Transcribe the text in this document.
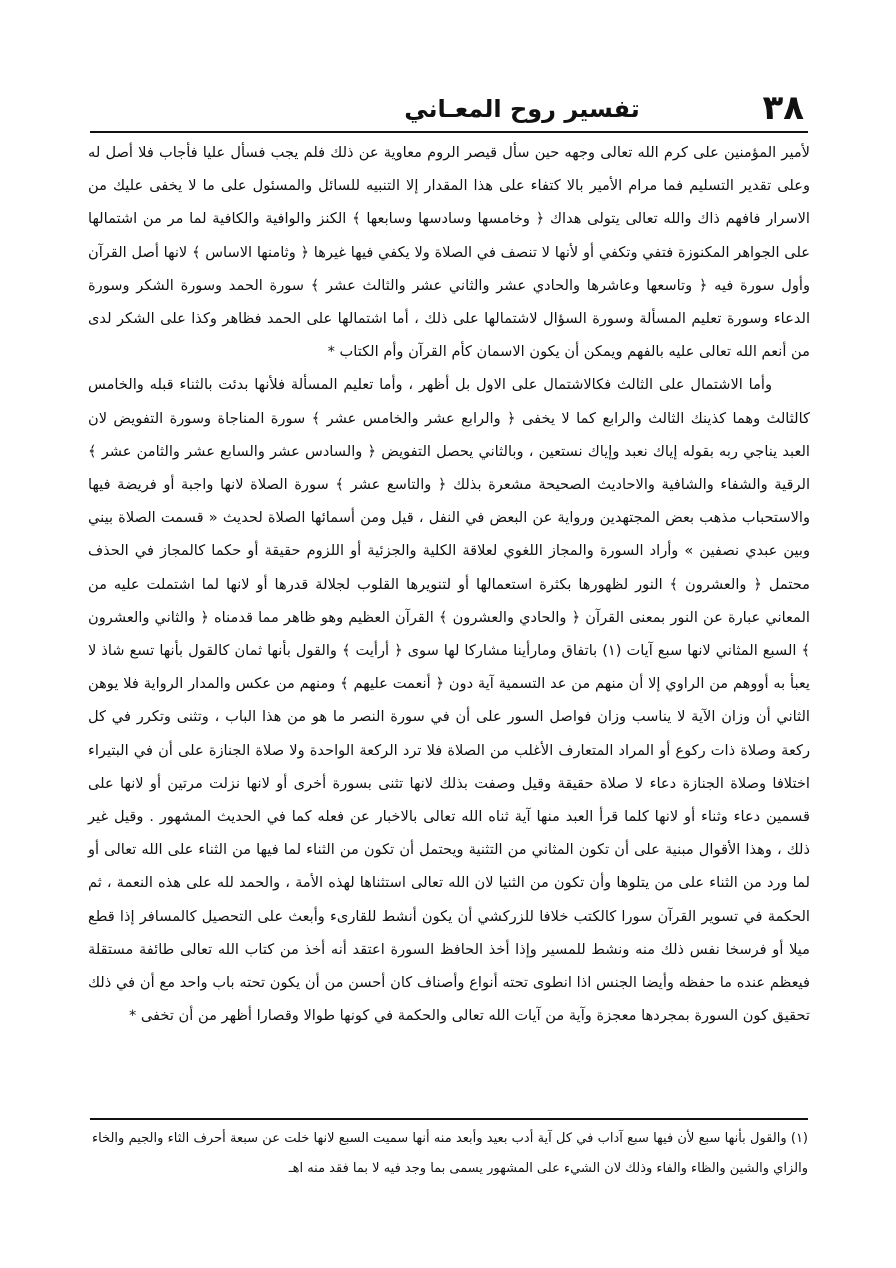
٣٨
تفسير روح المعـاني

لأمير المؤمنين على كرم الله تعالى وجهه حين سأل قيصر الروم معاوية عن ذلك فلم يجب فسأل عليا فأجاب فلا أصل له وعلى تقدير التسليم فما مرام الأمير بالا كتفاء على هذا المقدار إلا التنبيه للسائل والمسئول على ما لا يخفى عليك من الاسرار فافهم ذاك والله تعالى يتولى هداك ﴿ وخامسها وسادسها وسابعها ﴾ الكنز والوافية والكافية لما مر من اشتمالها على الجواهر المكنوزة فتفي وتكفي أو لأنها لا تنصف في الصلاة ولا يكفي فيها غيرها ﴿ وثامنها الاساس ﴾ لانها أصل القرآن وأول سورة فيه ﴿ وتاسعها وعاشرها والحادي عشر والثاني عشر والثالث عشر ﴾ سورة الحمد وسورة الشكر وسورة الدعاء وسورة تعليم المسألة وسورة السؤال لاشتمالها على ذلك ، أما اشتمالها على الحمد فظاهر وكذا على الشكر لدى من أنعم الله تعالى عليه بالفهم ويمكن أن يكون الاسمان كأم القرآن وأم الكتاب *

وأما الاشتمال على الثالث فكالاشتمال على الاول بل أظهر ، وأما تعليم المسألة فلأنها بدئت بالثناء قبله والخامس كالثالث وهما كذينك الثالث والرابع كما لا يخفى ﴿ والرابع عشر والخامس عشر ﴾ سورة المناجاة وسورة التفويض لان العبد يناجي ربه بقوله إياك نعبد وإياك نستعين ، وبالثاني يحصل التفويض ﴿ والسادس عشر والسابع عشر والثامن عشر ﴾ الرقية والشفاء والشافية والاحاديث الصحيحة مشعرة بذلك ﴿ والتاسع عشر ﴾ سورة الصلاة لانها واجبة أو فريضة فيها والاستحباب مذهب بعض المجتهدين ورواية عن البعض في النفل ، قيل ومن أسمائها الصلاة لحديث « قسمت الصلاة بيني وبين عبدي نصفين » وأراد السورة والمجاز اللغوي لعلاقة الكلية والجزئية أو اللزوم حقيقة أو حكما كالمجاز في الحذف محتمل ﴿ والعشرون ﴾ النور لظهورها بكثرة استعمالها أو لتنويرها القلوب لجلالة قدرها أو لانها لما اشتملت عليه من المعاني عبارة عن النور بمعنى القرآن ﴿ والحادي والعشرون ﴾ القرآن العظيم وهو ظاهر مما قدمناه ﴿ والثاني والعشرون ﴾ السبع المثاني لانها سبع آيات (١) باتفاق ومارأينا مشاركا لها سوى ﴿ أرأيت ﴾ والقول بأنها ثمان كالقول بأنها تسع شاذ لا يعبأ به أووهم من الراوي إلا أن منهم من عد التسمية آية دون ﴿ أنعمت عليهم ﴾ ومنهم من عكس والمدار الرواية فلا يوهن الثاني أن وزان الآية لا يناسب وزان فواصل السور على أن في سورة النصر ما هو من هذا الباب ، وتثنى وتكرر في كل ركعة وصلاة ذات ركوع أو المراد المتعارف الأغلب من الصلاة فلا ترد الركعة الواحدة ولا صلاة الجنازة على أن في البتيراء اختلافا وصلاة الجنازة دعاء لا صلاة حقيقة وقيل وصفت بذلك لانها تثنى بسورة أخرى أو لانها نزلت مرتين أو لانها على قسمين دعاء وثناء أو لانها كلما قرأ العبد منها آية ثناه الله تعالى بالاخبار عن فعله كما في الحديث المشهور . وقيل غير ذلك ، وهذا الأقوال مبنية على أن تكون المثاني من التثنية ويحتمل أن تكون من الثناء لما فيها من الثناء على الله تعالى أو لما ورد من الثناء على من يتلوها وأن تكون من الثنيا لان الله تعالى استثناها لهذه الأمة ، والحمد لله على هذه النعمة ، ثم الحكمة في تسوير القرآن سورا كالكتب خلافا للزركشي أن يكون أنشط للقارىء وأبعث على التحصيل كالمسافر إذا قطع ميلا أو فرسخا نفس ذلك منه ونشط للمسير وإذا أخذ الحافظ السورة اعتقد أنه أخذ من كتاب الله تعالى طائفة مستقلة فيعظم عنده ما حفظه وأيضا الجنس اذا انطوى تحته أنواع وأصناف كان أحسن من أن يكون تحته باب واحد مع أن في ذلك تحقيق كون السورة بمجردها معجزة وآية من آيات الله تعالى والحكمة في كونها طوالا وقصارا أظهر من أن تخفى *

(١) والقول بأنها سبع لأن فيها سبع آداب في كل آية أدب بعيد وأبعد منه أنها سميت السبع لانها خلت عن سبعة أحرف الثاء والجيم والخاء والزاي والشين والظاء والفاء وذلك لان الشيء على المشهور يسمى بما وجد فيه لا بما فقد منه اهـ
